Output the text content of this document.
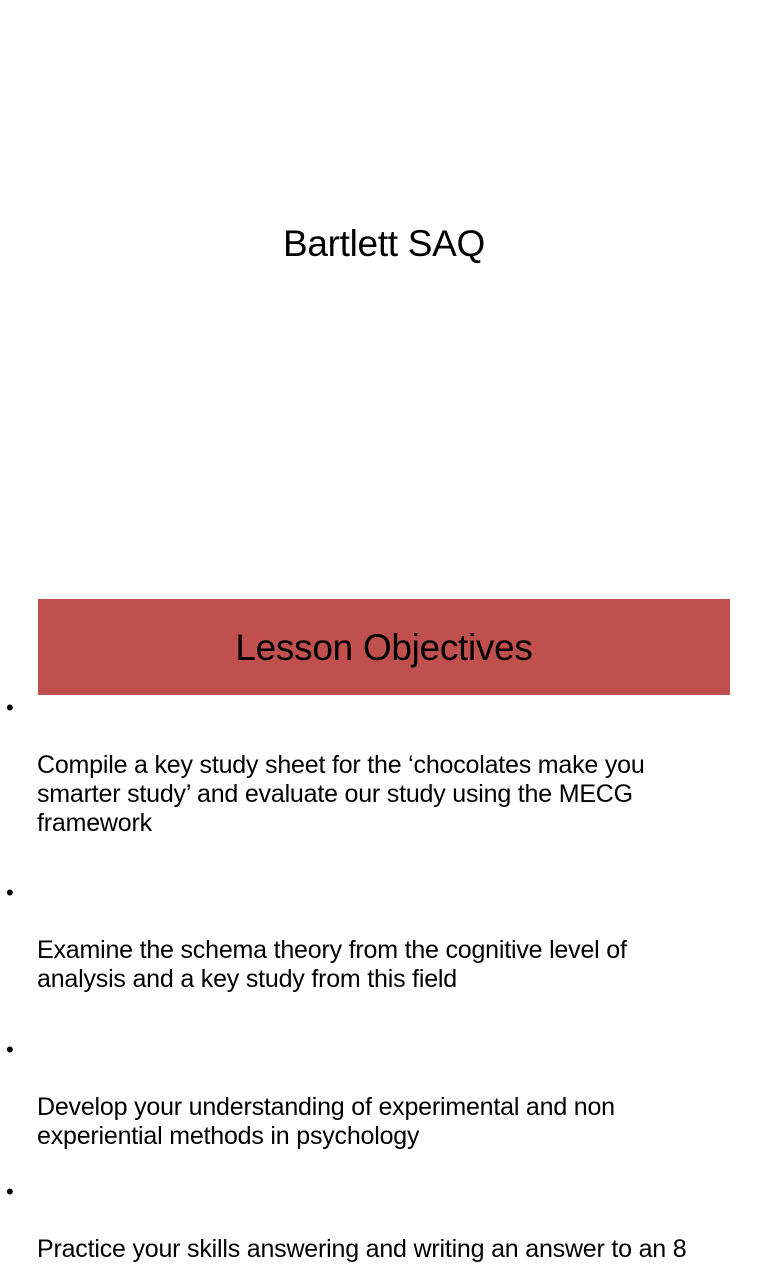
Bartlett SAQ
Lesson Objectives

•

Compile a key study sheet for the ‘chocolates make you
smarter study’ and evaluate our study using the MECG
framework

•

Examine the schema theory from the cognitive level of
analysis and a key study from this field

•

Develop your understanding of experimental and non
experiential methods in psychology

•

Practice your skills answering and writing an answer to an 8
